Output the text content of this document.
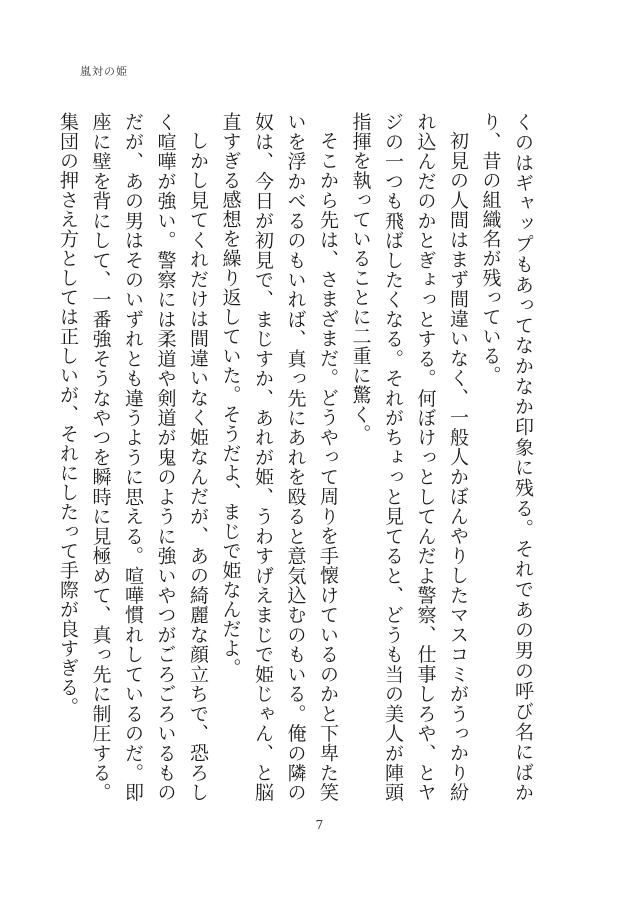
嵐対の姫

くのはギャップもあってなかなか印象に残る。それであの男の呼び名にばかり、昔の組織名が残っている。

初見の人間はまず間違いなく、一般人かぼんやりしたマスコミがうっかり紛れ込んだのかとぎょっとする。何ぼけっとしてんだよ警察、仕事しろや、とヤジの一つも飛ばしたくなる。それがちょっと見てると、どうも当の美人が陣頭指揮を執っていることに二重に驚く。

そこから先は、さまざまだ。どうやって周りを手懐けているのかと下卑た笑いを浮かべるのもいれば、真っ先にあれを殴ると意気込むのもいる。俺の隣の奴は、今日が初見で、まじすか、あれが姫、うわすげえまじで姫じゃん、と脳直すぎる感想を繰り返していた。そうだよ、まじで姫なんだよ。

しかし見てくれだけは間違いなく姫なんだが、あの綺麗な顔立ちで、恐ろしく喧嘩が強い。警察には柔道や剣道が鬼のように強いやつがごろごろいるものだが、あの男はそのいずれとも違うように思える。喧嘩慣れしているのだ。即座に壁を背にして、一番強そうなやつを瞬時に見極めて、真っ先に制圧する。集団の押さえ方としては正しいが、それにしたって手際が良すぎる。

7
